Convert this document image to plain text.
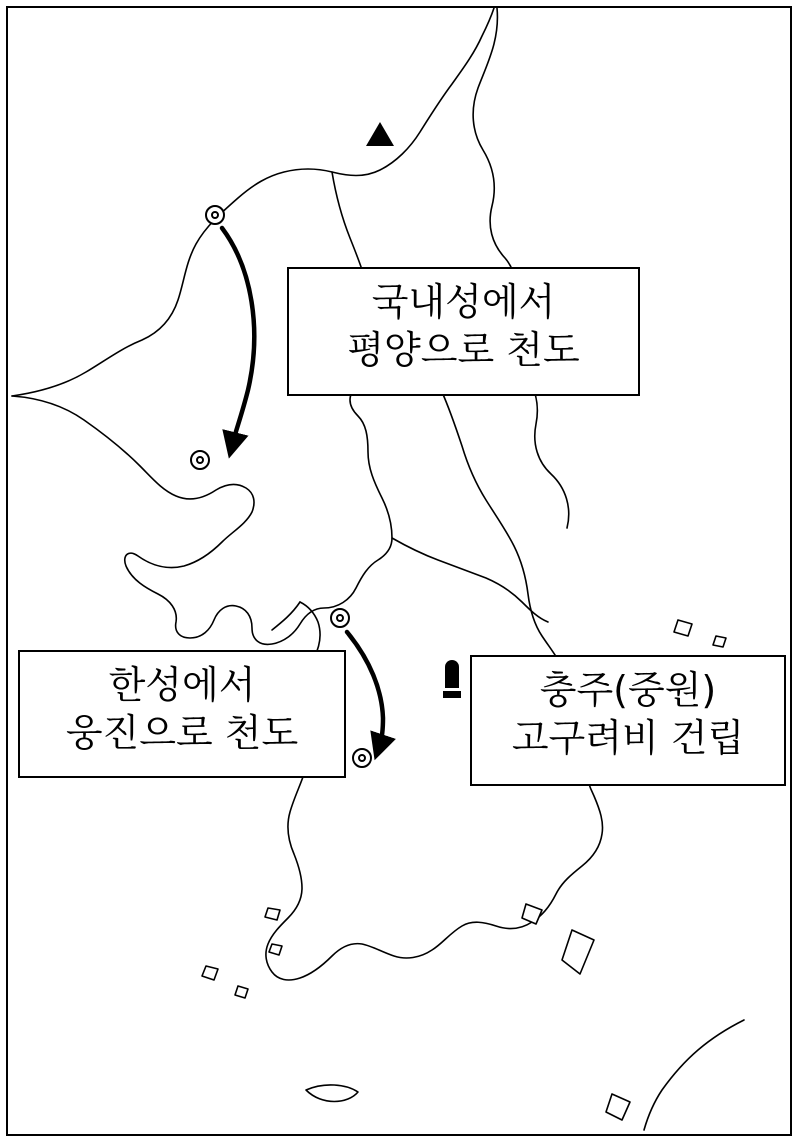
국내성에서
평양으로 천도
한성에서
웅진으로 천도
충주(중원)
고구려비 건립
